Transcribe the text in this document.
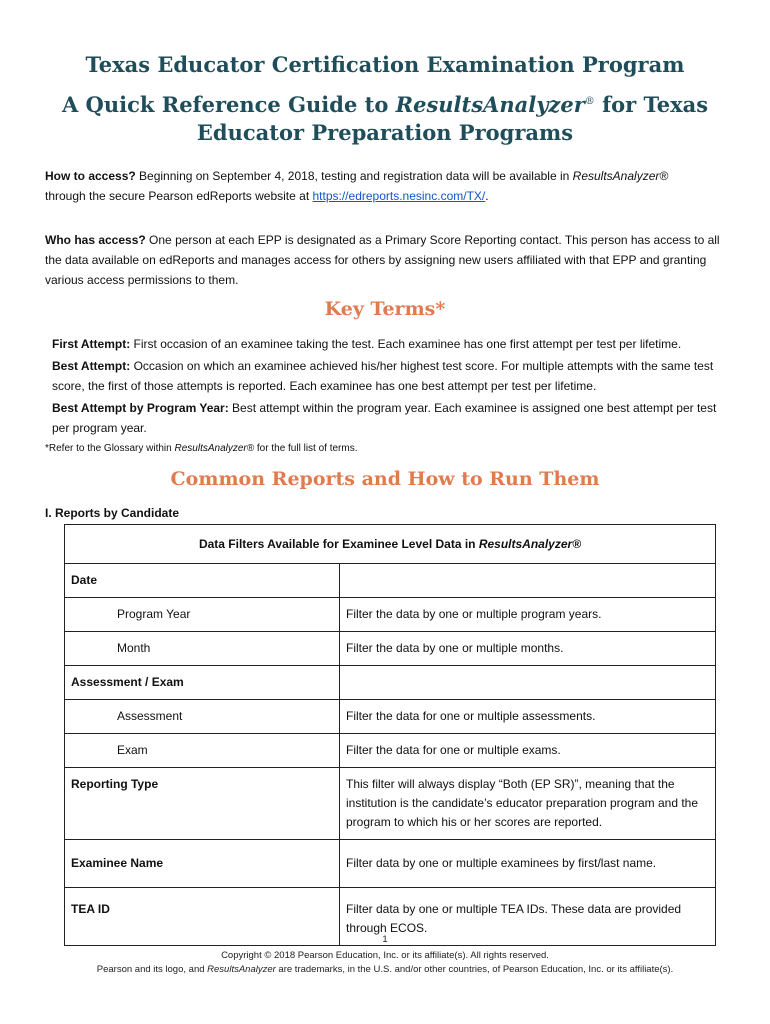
Texas Educator Certification Examination Program
A Quick Reference Guide to ResultsAnalyzer® for Texas Educator Preparation Programs
How to access? Beginning on September 4, 2018, testing and registration data will be available in ResultsAnalyzer®
through the secure Pearson edReports website at https://edreports.nesinc.com/TX/.
Who has access? One person at each EPP is designated as a Primary Score Reporting contact. This person has access to all the data available on edReports and manages access for others by assigning new users affiliated with that EPP and granting various access permissions to them.
Key Terms*
First Attempt: First occasion of an examinee taking the test. Each examinee has one first attempt per test per lifetime.
Best Attempt: Occasion on which an examinee achieved his/her highest test score. For multiple attempts with the same test score, the first of those attempts is reported. Each examinee has one best attempt per test per lifetime.
Best Attempt by Program Year: Best attempt within the program year. Each examinee is assigned one best attempt per test per program year.
*Refer to the Glossary within ResultsAnalyzer® for the full list of terms.
Common Reports and How to Run Them
I. Reports by Candidate
Data Filters Available for Examinee Level Data in ResultsAnalyzer®	
Date	
Program Year	Filter the data by one or multiple program years.
Month	Filter the data by one or multiple months.
Assessment / Exam	
Assessment	Filter the data for one or multiple assessments.
Exam	Filter the data for one or multiple exams.
Reporting Type	This filter will always display “Both (EP SR)”, meaning that the institution is the candidate’s educator preparation program and the program to which his or her scores are reported.
Examinee Name	Filter data by one or multiple examinees by first/last name.
TEA ID	Filter data by one or multiple TEA IDs. These data are provided through ECOS.
1
Copyright © 2018 Pearson Education, Inc. or its affiliate(s). All rights reserved.
Pearson and its logo, and ResultsAnalyzer are trademarks, in the U.S. and/or other countries, of Pearson Education, Inc. or its affiliate(s).
